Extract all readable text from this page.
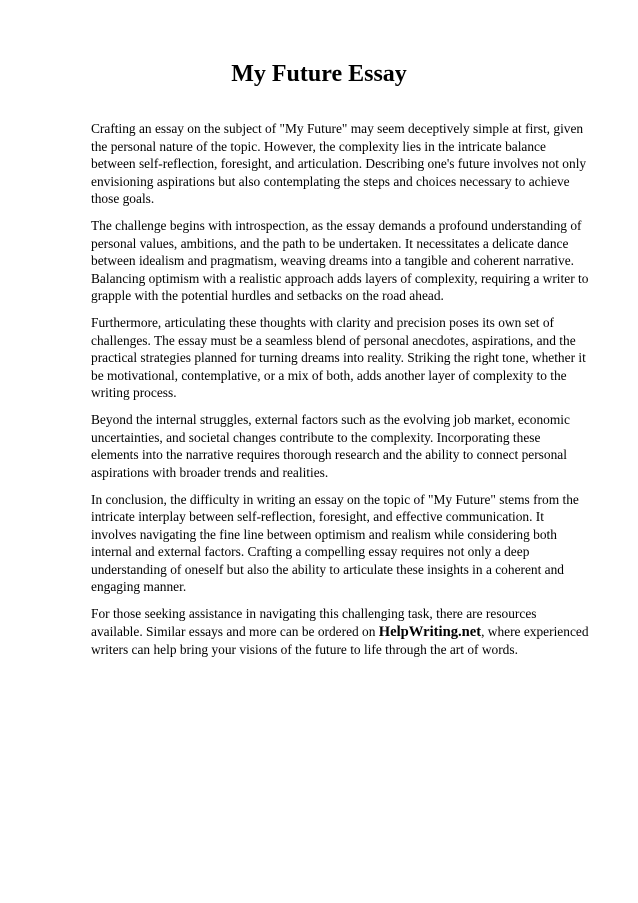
My Future Essay

Crafting an essay on the subject of "My Future" may seem deceptively simple at first, given the personal nature of the topic. However, the complexity lies in the intricate balance between self-reflection, foresight, and articulation. Describing one's future involves not only envisioning aspirations but also contemplating the steps and choices necessary to achieve those goals.

The challenge begins with introspection, as the essay demands a profound understanding of personal values, ambitions, and the path to be undertaken. It necessitates a delicate dance between idealism and pragmatism, weaving dreams into a tangible and coherent narrative. Balancing optimism with a realistic approach adds layers of complexity, requiring a writer to grapple with the potential hurdles and setbacks on the road ahead.

Furthermore, articulating these thoughts with clarity and precision poses its own set of challenges. The essay must be a seamless blend of personal anecdotes, aspirations, and the practical strategies planned for turning dreams into reality. Striking the right tone, whether it be motivational, contemplative, or a mix of both, adds another layer of complexity to the writing process.

Beyond the internal struggles, external factors such as the evolving job market, economic uncertainties, and societal changes contribute to the complexity. Incorporating these elements into the narrative requires thorough research and the ability to connect personal aspirations with broader trends and realities.

In conclusion, the difficulty in writing an essay on the topic of "My Future" stems from the intricate interplay between self-reflection, foresight, and effective communication. It involves navigating the fine line between optimism and realism while considering both internal and external factors. Crafting a compelling essay requires not only a deep understanding of oneself but also the ability to articulate these insights in a coherent and engaging manner.

For those seeking assistance in navigating this challenging task, there are resources available. Similar essays and more can be ordered on HelpWriting.net, where experienced writers can help bring your visions of the future to life through the art of words.
